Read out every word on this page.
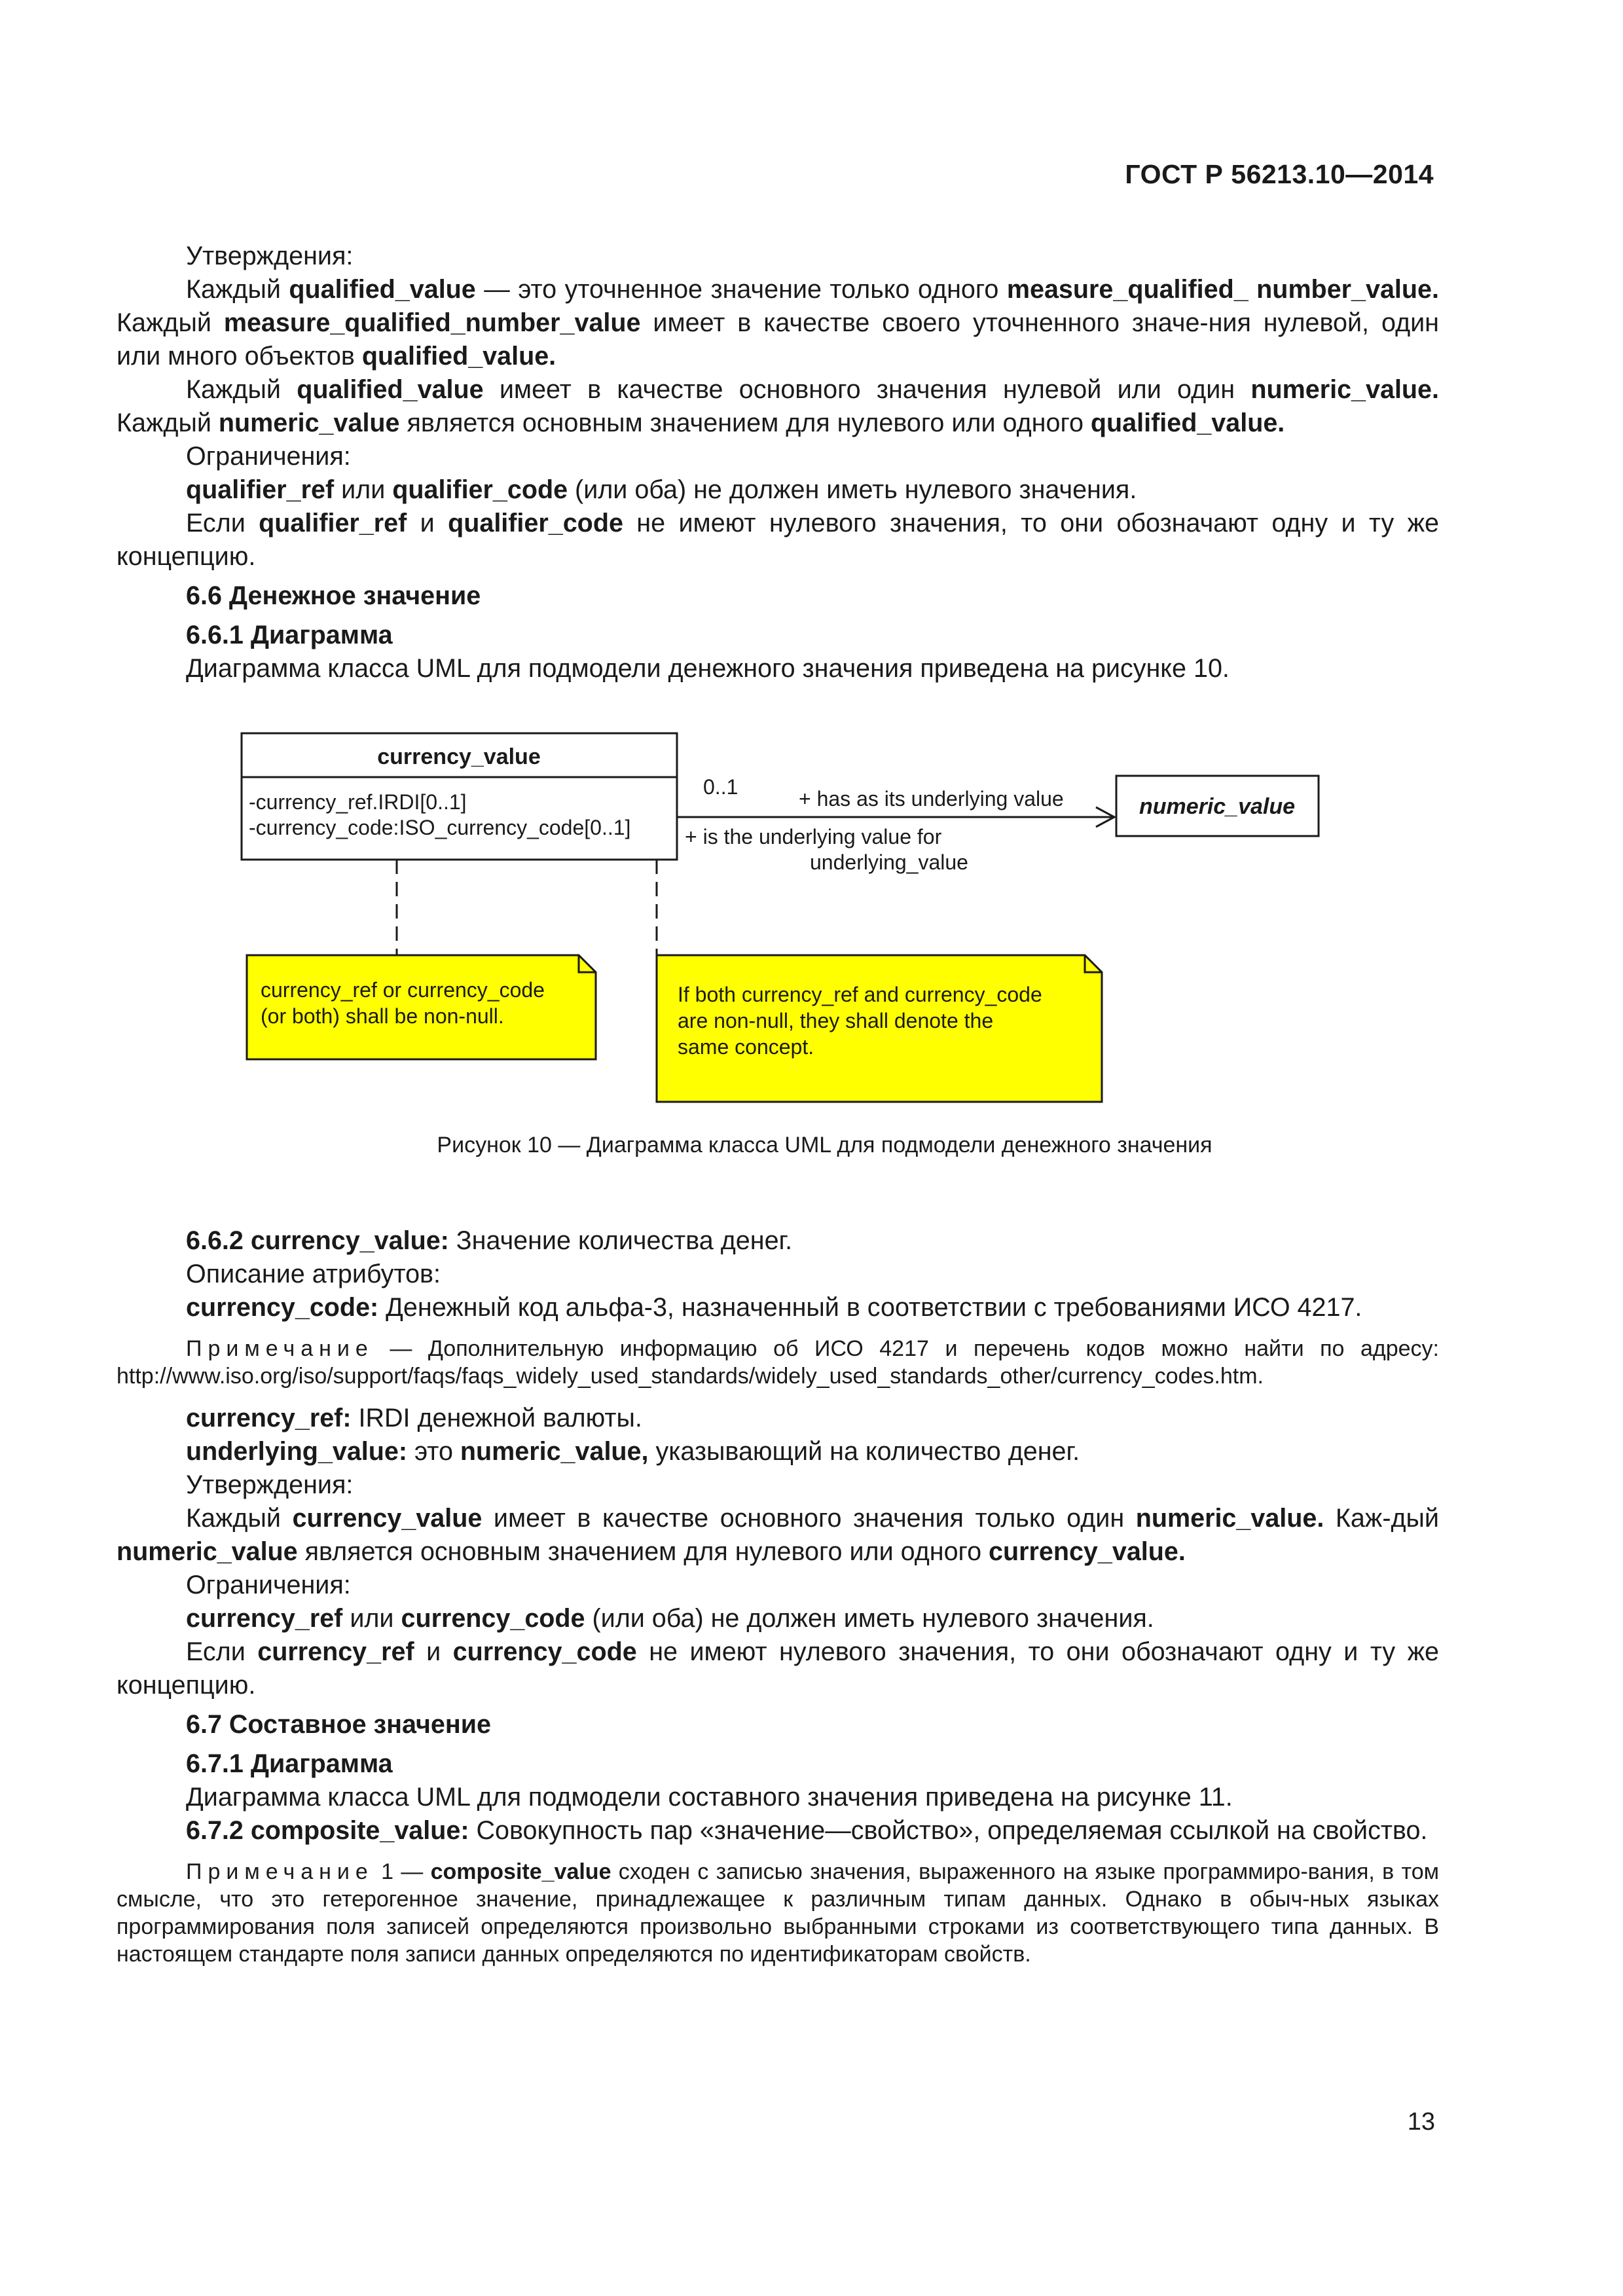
ГОСТ Р 56213.10—2014

Утверждения:

Каждый qualified_value — это уточненное значение только одного measure_qualified_ number_value. Каждый measure_qualified_number_value имеет в качестве своего уточненного значе-ния нулевой, один или много объектов qualified_value.

Каждый qualified_value имеет в качестве основного значения нулевой или один numeric_value. Каждый numeric_value является основным значением для нулевого или одного qualified_value.

Ограничения:

qualifier_ref или qualifier_code (или оба) не должен иметь нулевого значения.

Если qualifier_ref и qualifier_code не имеют нулевого значения, то они обозначают одну и ту же концепцию.

6.6 Денежное значение

6.6.1 Диаграмма

Диаграмма класса UML для подмодели денежного значения приведена на рисунке 10.

currency_value
-currency_ref.IRDI[0..1]
-currency_code:ISO_currency_code[0..1]
numeric_value
0..1	+ has as its underlying value
+ is the underlying value for
underlying_value
currency_ref or currency_code
(or both) shall be non-null.
If both currency_ref and currency_code
are non-null, they shall denote the
same concept.
Рисунок 10 — Диаграмма класса UML для подмодели денежного значения

6.6.2 currency_value: Значение количества денег.

Описание атрибутов:

currency_code: Денежный код альфа-3, назначенный в соответствии с требованиями ИСО 4217.

Примечание — Дополнительную информацию об ИСО 4217 и перечень кодов можно найти по адресу: http://www.iso.org/iso/support/faqs/faqs_widely_used_standards/widely_used_standards_other/currency_codes.htm.

currency_ref: IRDI денежной валюты.

underlying_value: это numeric_value, указывающий на количество денег.

Утверждения:

Каждый currency_value имеет в качестве основного значения только один numeric_value. Каж-дый numeric_value является основным значением для нулевого или одного currency_value.

Ограничения:

currency_ref или currency_code (или оба) не должен иметь нулевого значения.

Если currency_ref и currency_code не имеют нулевого значения, то они обозначают одну и ту же концепцию.

6.7 Составное значение

6.7.1 Диаграмма

Диаграмма класса UML для подмодели составного значения приведена на рисунке 11.

6.7.2 composite_value: Совокупность пар «значение—свойство», определяемая ссылкой на свойство.

Примечание 1 — composite_value сходен с записью значения, выраженного на языке программиро-вания, в том смысле, что это гетерогенное значение, принадлежащее к различным типам данных. Однако в обыч-ных языках программирования поля записей определяются произвольно выбранными строками из соответствующего типа данных. В настоящем стандарте поля записи данных определяются по идентификаторам свойств.

13
